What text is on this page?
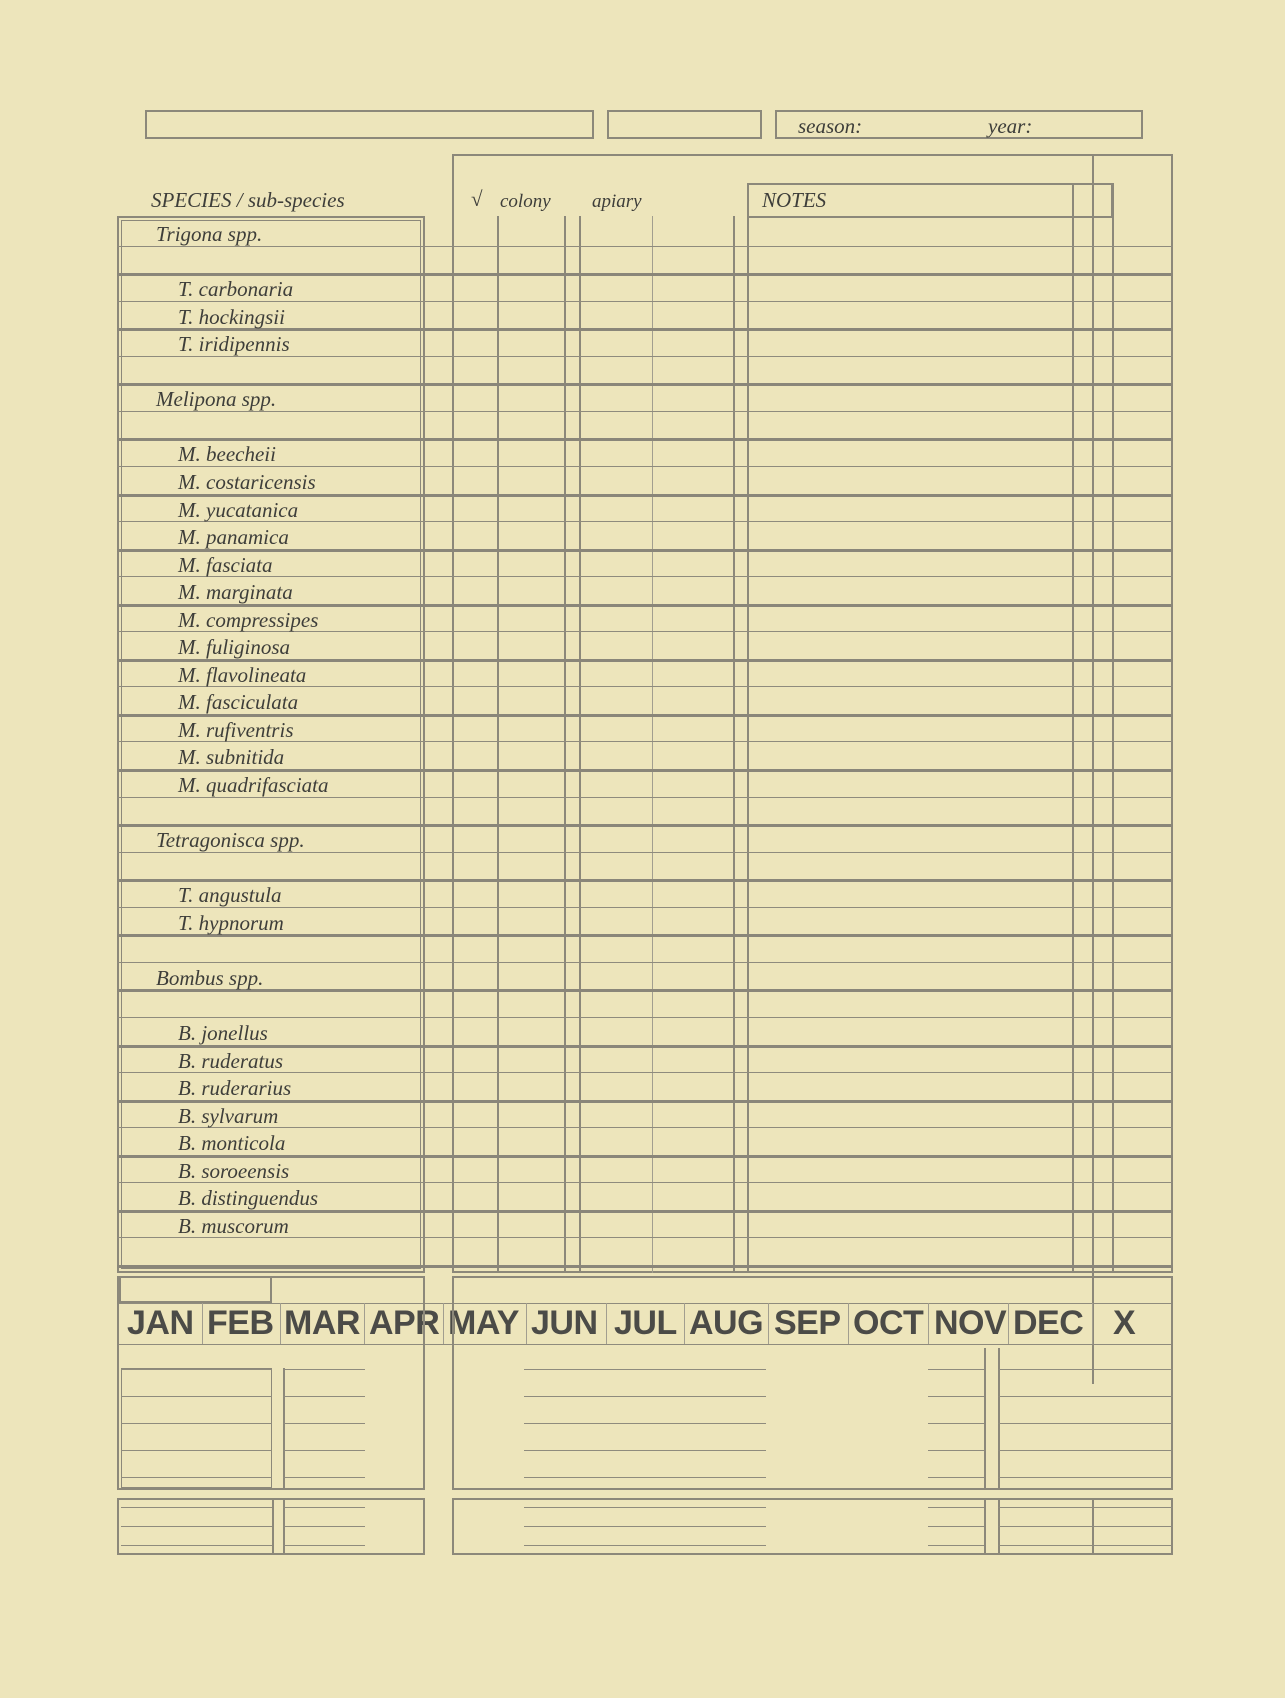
season:	year:
SPECIES / sub-species	√ colony apiary	NOTES
Trigona spp.
T. carbonaria
T. hockingsii
T. iridipennis
Melipona spp.
M. beecheii
M. costaricensis
M. yucatanica
M. panamica
M. fasciata
M. marginata
M. compressipes
M. fuliginosa
M. flavolineata
M. fasciculata
M. rufiventris
M. subnitida
M. quadrifasciata
Tetragonisca spp.
T. angustula
T. hypnorum
Bombus spp.
B. jonellus
B. ruderatus
B. ruderarius
B. sylvarum
B. monticola
B. soroeensis
B. distinguendus
B. muscorum
JAN FEB MAR APR MAY JUN JUL AUG SEP OCT NOV DEC X
